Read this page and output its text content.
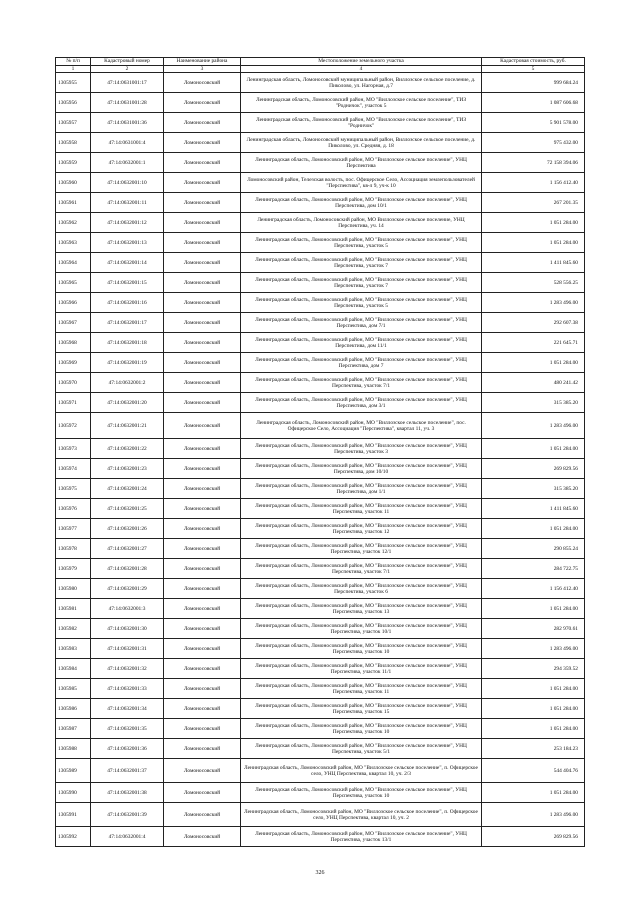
№ п/п	Кадастровый номер	Наименование района	Местоположение земельного участка	Кадастровая стоимость, руб.
1	2	3	4	5
1305955	47:14:0631001:17	Ломоносовский	Ленинградская область, Ломоносовский муниципальный район, Виллозское сельское поселение, д. Пиколово, ул. Нагорная, д.7	999 684.24
1305956	47:14:0631001:28	Ломоносовский	Ленинградская область, Ломоносовский район, МО "Виллозское сельское поселение", ТИЗ "Родничок", участок 5	1 087 606.68
1305957	47:14:0631001:36	Ломоносовский	Ленинградская область, Ломоносовский район, МО "Виллозское сельское поселение", ТИЗ "Родничок"	5 901 578.00
1305958	47:14:0631001:4	Ломоносовский	Ленинградская область, Ломоносовский муниципальный район, Виллозское сельское поселение, д. Пиколово, ул. Средняя, д. 18	975 432.00
1305959	47:14:0632001:1	Ломоносовский	Ленинградская область, Ломоносовский район, МО "Виллозское сельское поселение", УНЦ Перспектива	72 158 394.06
1305960	47:14:0632001:10	Ломоносовский	Ломоносовский район, Телезская волость, пос. Офицерское Село, Ассоциация землепользователей "Перспектива", кв-л 9, уч-к 10	1 156 412.40
1305961	47:14:0632001:11	Ломоносовский	Ленинградская область, Ломоносовский район, МО "Виллозское сельское поселение", УНЦ Перспектива, дом 10/1	267 201.35
1305962	47:14:0632001:12	Ломоносовский	Ленинградская область, Ломоносовский район, МО Виллозское сельское поселение, УНЦ Перспектива, уч. 14	1 051 284.00
1305963	47:14:0632001:13	Ломоносовский	Ленинградская область, Ломоносовский район, МО "Виллозское сельское поселение", УНЦ Перспектива, участок 5	1 051 284.00
1305964	47:14:0632001:14	Ломоносовский	Ленинградская область, Ломоносовский район, МО "Виллозское сельское поселение", УНЦ Перспектива, участок 7	1 411 845.60
1305965	47:14:0632001:15	Ломоносовский	Ленинградская область, Ломоносовский район, МО "Виллозское сельское поселение", УНЦ Перспектива, участок 7	528 556.25
1305966	47:14:0632001:16	Ломоносовский	Ленинградская область, Ломоносовский район, МО "Виллозское сельское поселение", УНЦ Перспектива, участок 5	1 283 496.00
1305967	47:14:0632001:17	Ломоносовский	Ленинградская область, Ломоносовский район, МО "Виллозское сельское поселение", УНЦ Перспектива, дом 7/1	292 607.38
1305968	47:14:0632001:18	Ломоносовский	Ленинградская область, Ломоносовский район, МО "Виллозское сельское поселение", УНЦ Перспектива, дом 11/1	221 645.71
1305969	47:14:0632001:19	Ломоносовский	Ленинградская область, Ломоносовский район, МО "Виллозское сельское поселение", УНЦ Перспектива, дом 7	1 051 284.00
1305970	47:14:0632001:2	Ломоносовский	Ленинградская область, Ломоносовский район, МО "Виллозское сельское поселение", УНЦ Перспектива, участок 7/1	480 241.42
1305971	47:14:0632001:20	Ломоносовский	Ленинградская область, Ломоносовский район, МО "Виллозское сельское поселение", УНЦ Перспектива, дом 3/1	315 385.20
1305972	47:14:0632001:21	Ломоносовский	Ленинградская область, Ломоносовский район, МО "Виллозское сельское поселение", пос. Офицерское Село, Ассоциация "Перспектива", квартал 11, уч. 3	1 283 496.00
1305973	47:14:0632001:22	Ломоносовский	Ленинградская область, Ломоносовский район, МО "Виллозское сельское поселение", УНЦ Перспектива, участок 3	1 051 284.00
1305974	47:14:0632001:23	Ломоносовский	Ленинградская область, Ломоносовский район, МО "Виллозское сельское поселение", УНЦ Перспектива, дом 10/10	269 829.56
1305975	47:14:0632001:24	Ломоносовский	Ленинградская область, Ломоносовский район, МО "Виллозское сельское поселение", УНЦ Перспектива, дом 1/1	315 385.20
1305976	47:14:0632001:25	Ломоносовский	Ленинградская область, Ломоносовский район, МО "Виллозское сельское поселение", УНЦ Перспектива, участок 11	1 411 845.60
1305977	47:14:0632001:26	Ломоносовский	Ленинградская область, Ломоносовский район, МО "Виллозское сельское поселение", УНЦ Перспектива, участок 12	1 051 284.00
1305978	47:14:0632001:27	Ломоносовский	Ленинградская область, Ломоносовский район, МО "Виллозское сельское поселение", УНЦ Перспектива, участок 12/1	290 855.24
1305979	47:14:0632001:28	Ломоносовский	Ленинградская область, Ломоносовский район, МО "Виллозское сельское поселение", УНЦ Перспектива, участок 7/1	284 722.75
1305980	47:14:0632001:29	Ломоносовский	Ленинградская область, Ломоносовский район, МО "Виллозское сельское поселение", УНЦ Перспектива, участок 6	1 156 412.40
1305981	47:14:0632001:3	Ломоносовский	Ленинградская область, Ломоносовский район, МО "Виллозское сельское поселение", УНЦ Перспектива, участок 13	1 051 284.00
1305982	47:14:0632001:30	Ломоносовский	Ленинградская область, Ломоносовский район, МО "Виллозское сельское поселение", УНЦ Перспектива, участок 10/1	282 970.61
1305983	47:14:0632001:31	Ломоносовский	Ленинградская область, Ломоносовский район, МО "Виллозское сельское поселение", УНЦ Перспектива, участок 10	1 283 496.00
1305984	47:14:0632001:32	Ломоносовский	Ленинградская область, Ломоносовский район, МО "Виллозское сельское поселение", УНЦ Перспектива, участок 11/1	294 359.52
1305985	47:14:0632001:33	Ломоносовский	Ленинградская область, Ломоносовский район, МО "Виллозское сельское поселение", УНЦ Перспектива, участок 11	1 051 284.00
1305986	47:14:0632001:34	Ломоносовский	Ленинградская область, Ломоносовский район, МО "Виллозское сельское поселение", УНЦ Перспектива, участок 15	1 051 284.00
1305987	47:14:0632001:35	Ломоносовский	Ленинградская область, Ломоносовский район, МО "Виллозское сельское поселение", УНЦ Перспектива, участок 10	1 051 284.00
1305988	47:14:0632001:36	Ломоносовский	Ленинградская область, Ломоносовский район, МО "Виллозское сельское поселение", УНЦ Перспектива, участок 5/1	253 184.23
1305989	47:14:0632001:37	Ломоносовский	Ленинградская область, Ломоносовский район, МО "Виллозское сельское поселение", п. Офицерское село, УНЦ Перспектива, квартал 10, уч. 2/3	544 404.76
1305990	47:14:0632001:38	Ломоносовский	Ленинградская область, Ломоносовский район, МО "Виллозское сельское поселение", УНЦ Перспектива, участок 10	1 051 284.00
1305991	47:14:0632001:39	Ломоносовский	Ленинградская область, Ломоносовский район, МО "Виллозское сельское поселение", п. Офицерское село, УНЦ Перспектива, квартал 10, уч. 2	1 283 496.00
1305992	47:14:0632001:4	Ломоносовский	Ленинградская область, Ломоносовский район, МО "Виллозское сельское поселение", УНЦ Перспектива, участок 13/1	269 829.56
326
